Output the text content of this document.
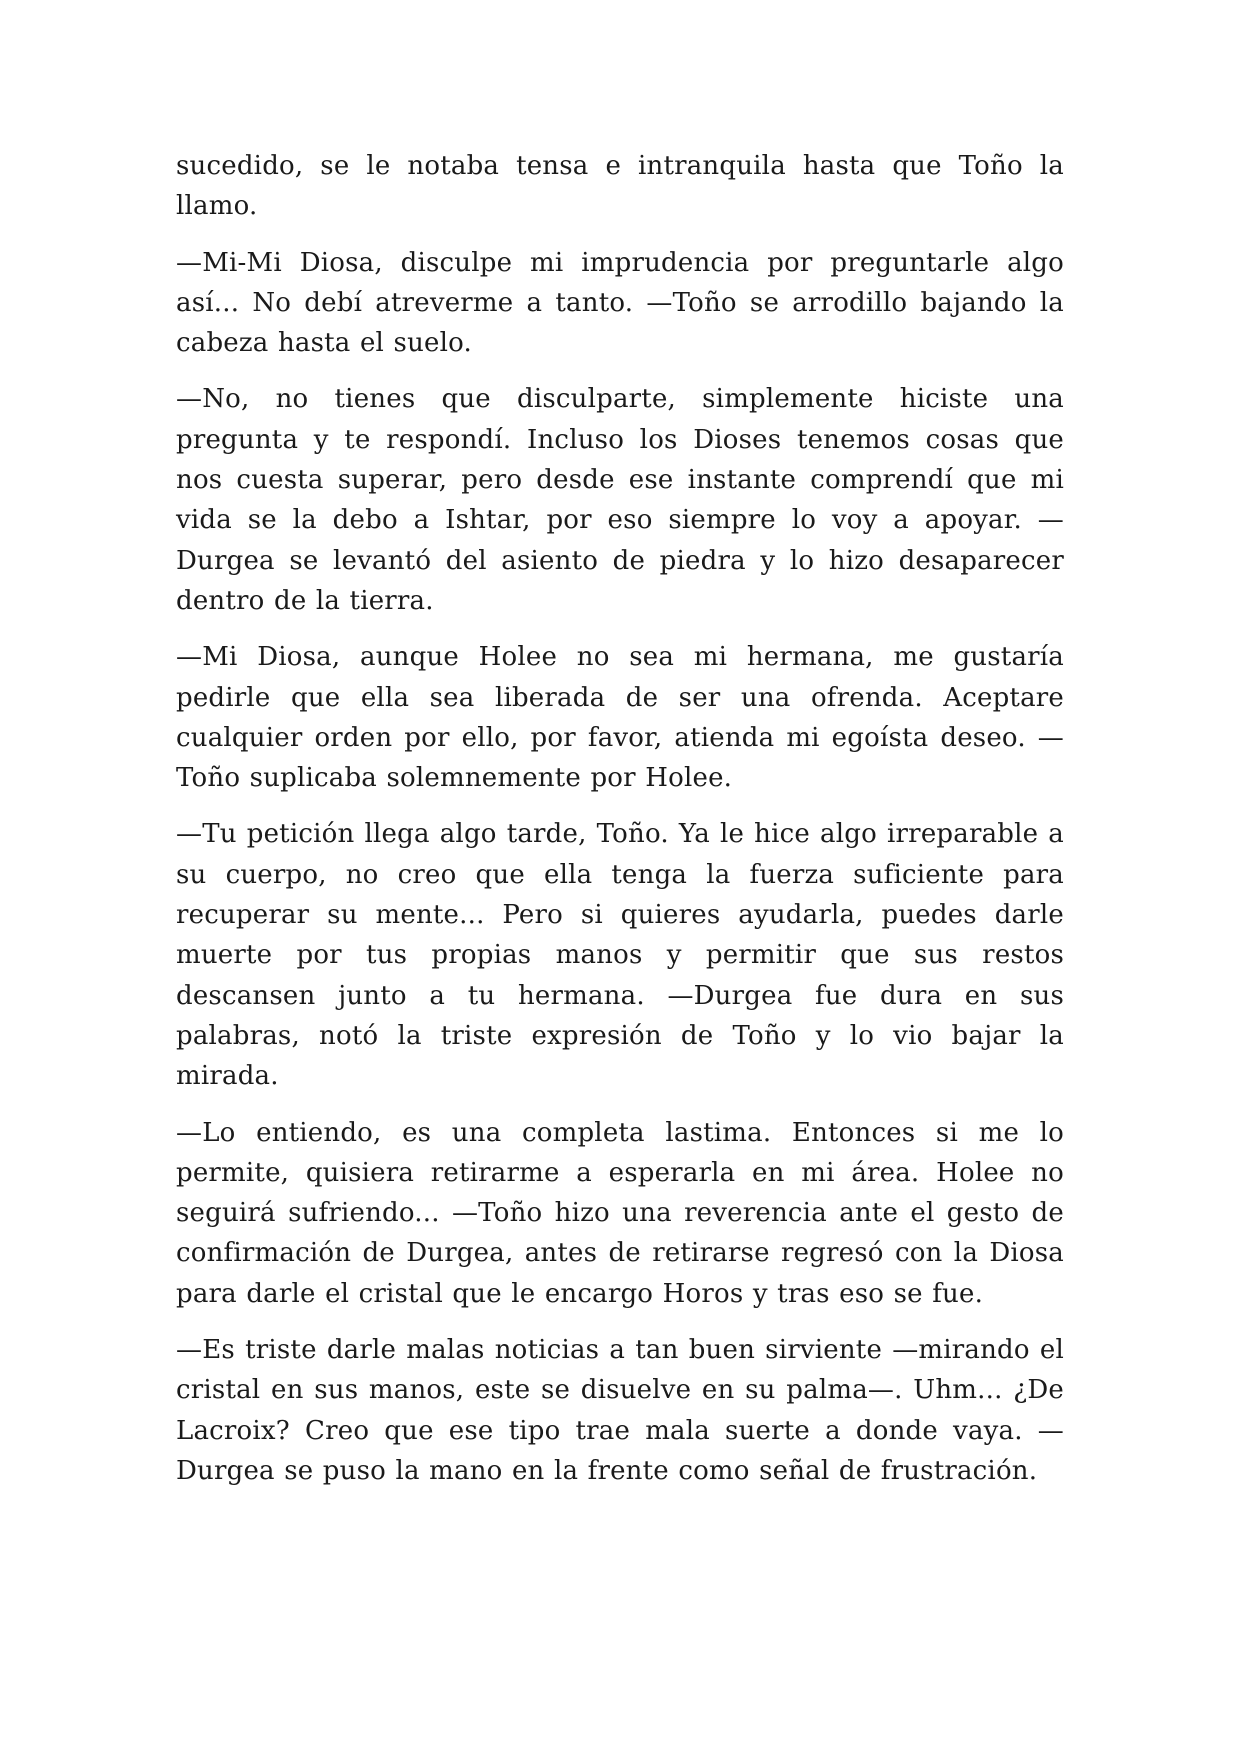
sucedido, se le notaba tensa e intranquila hasta que Toño la llamo.

—Mi-Mi Diosa, disculpe mi imprudencia por preguntarle algo así... No debí atreverme a tanto. —Toño se arrodillo bajando la cabeza hasta el suelo.

—No, no tienes que disculparte, simplemente hiciste una pregunta y te respondí. Incluso los Dioses tenemos cosas que nos cuesta superar, pero desde ese instante comprendí que mi vida se la debo a Ishtar, por eso siempre lo voy a apoyar. —Durgea se levantó del asiento de piedra y lo hizo desaparecer dentro de la tierra.

—Mi Diosa, aunque Holee no sea mi hermana, me gustaría pedirle que ella sea liberada de ser una ofrenda. Aceptare cualquier orden por ello, por favor, atienda mi egoísta deseo. —Toño suplicaba solemnemente por Holee.

—Tu petición llega algo tarde, Toño. Ya le hice algo irreparable a su cuerpo, no creo que ella tenga la fuerza suficiente para recuperar su mente... Pero si quieres ayudarla, puedes darle muerte por tus propias manos y permitir que sus restos descansen junto a tu hermana. —Durgea fue dura en sus palabras, notó la triste expresión de Toño y lo vio bajar la mirada.

—Lo entiendo, es una completa lastima. Entonces si me lo permite, quisiera retirarme a esperarla en mi área. Holee no seguirá sufriendo... —Toño hizo una reverencia ante el gesto de confirmación de Durgea, antes de retirarse regresó con la Diosa para darle el cristal que le encargo Horos y tras eso se fue.

—Es triste darle malas noticias a tan buen sirviente —mirando el cristal en sus manos, este se disuelve en su palma—. Uhm... ¿De Lacroix? Creo que ese tipo trae mala suerte a donde vaya. —Durgea se puso la mano en la frente como señal de frustración.
